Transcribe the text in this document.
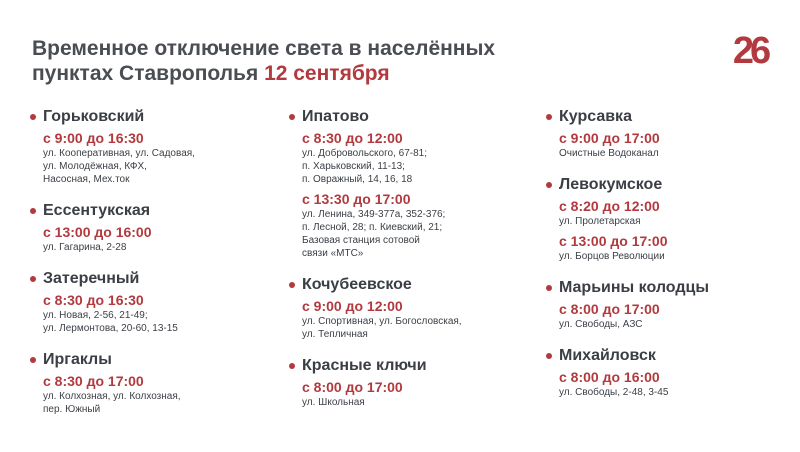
Временное отключение света в населённых
пунктах Ставрополья 12 сентября
26
Горьковский
с 9:00 до 16:30
ул. Кооперативная, ул. Садовая,
ул. Молодёжная, КФХ,
Насосная, Мех.ток
Ессентукская
с 13:00 до 16:00
ул. Гагарина, 2-28
Затеречный
с 8:30 до 16:30
ул. Новая, 2-56, 21-49;
ул. Лермонтова, 20-60, 13-15
Иргаклы
с 8:30 до 17:00
ул. Колхозная, ул. Колхозная,
пер. Южный
Ипатово
с 8:30 до 12:00
ул. Добровольского, 67-81;
п. Харьковский, 11-13;
п. Овражный, 14, 16, 18
с 13:30 до 17:00
ул. Ленина, 349-377а, 352-376;
п. Лесной, 28; п. Киевский, 21;
Базовая станция сотовой
связи «МТС»
Кочубеевское
с 9:00 до 12:00
ул. Спортивная, ул. Богословская,
ул. Тепличная
Красные ключи
с 8:00 до 17:00
ул. Школьная
Курсавка
с 9:00 до 17:00
Очистные Водоканал
Левокумское
с 8:20 до 12:00
ул. Пролетарская
с 13:00 до 17:00
ул. Борцов Революции
Марьины колодцы
с 8:00 до 17:00
ул. Свободы, АЗС
Михайловск
с 8:00 до 16:00
ул. Свободы, 2-48, 3-45
